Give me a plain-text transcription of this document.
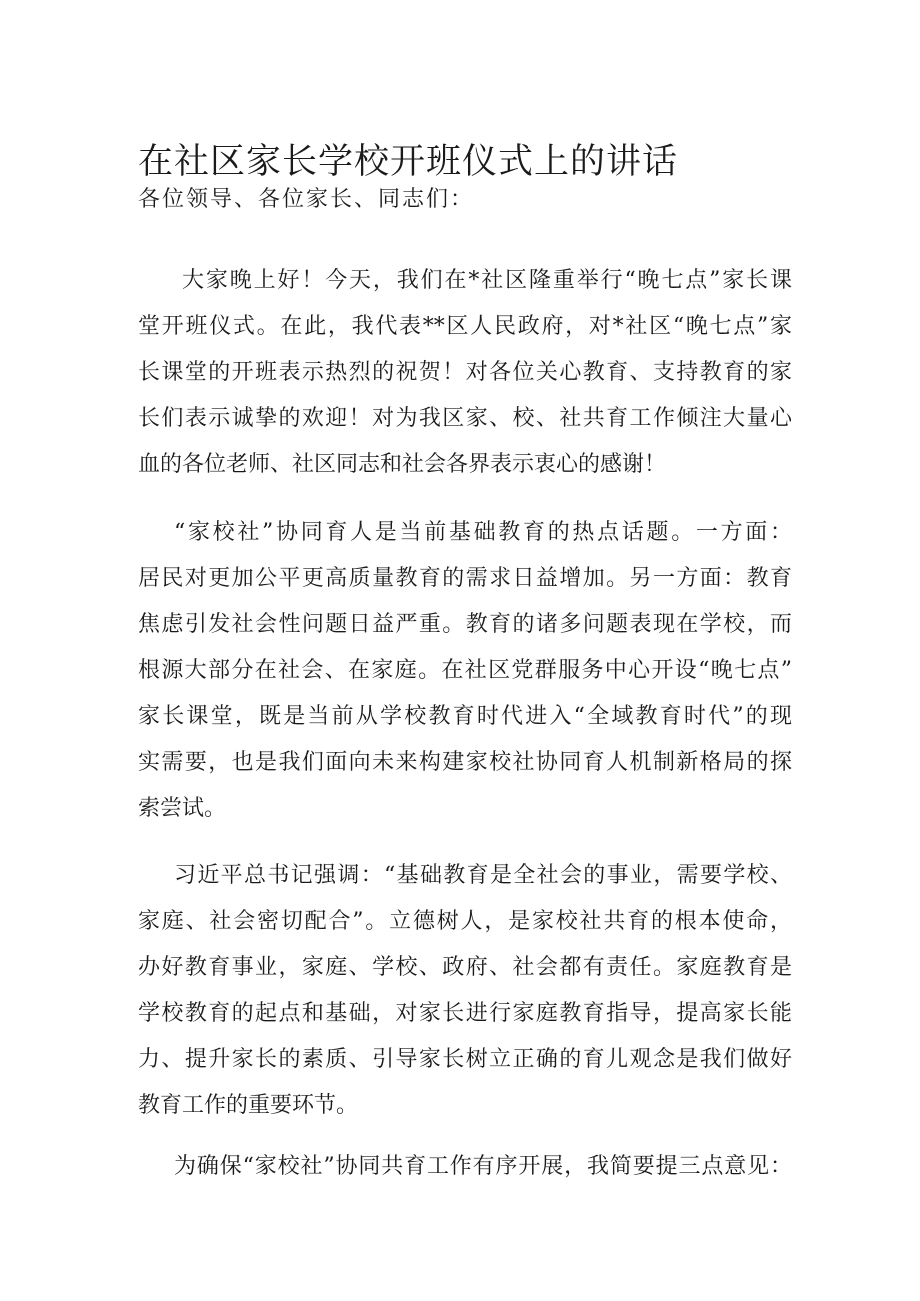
在社区家长学校开班仪式上的讲话

各位领导、各位家长、同志们：

大家晚上好！今天，我们在*社区隆重举行“晚七点”家长课
堂开班仪式。在此，我代表**区人民政府，对*社区“晚七点”家
长课堂的开班表示热烈的祝贺！对各位关心教育、支持教育的家
长们表示诚挚的欢迎！对为我区家、校、社共育工作倾注大量心
血的各位老师、社区同志和社会各界表示衷心的感谢！
“家校社”协同育人是当前基础教育的热点话题。一方面：
居民对更加公平更高质量教育的需求日益增加。另一方面：教育
焦虑引发社会性问题日益严重。教育的诸多问题表现在学校，而
根源大部分在社会、在家庭。在社区党群服务中心开设“晚七点”
家长课堂，既是当前从学校教育时代进入“全域教育时代”的现
实需要，也是我们面向未来构建家校社协同育人机制新格局的探
索尝试。
习近平总书记强调：“基础教育是全社会的事业，需要学校、
家庭、社会密切配合”。立德树人，是家校社共育的根本使命，
办好教育事业，家庭、学校、政府、社会都有责任。家庭教育是
学校教育的起点和基础，对家长进行家庭教育指导，提高家长能
力、提升家长的素质、引导家长树立正确的育儿观念是我们做好
教育工作的重要环节。
为确保“家校社”协同共育工作有序开展，我简要提三点意见：
